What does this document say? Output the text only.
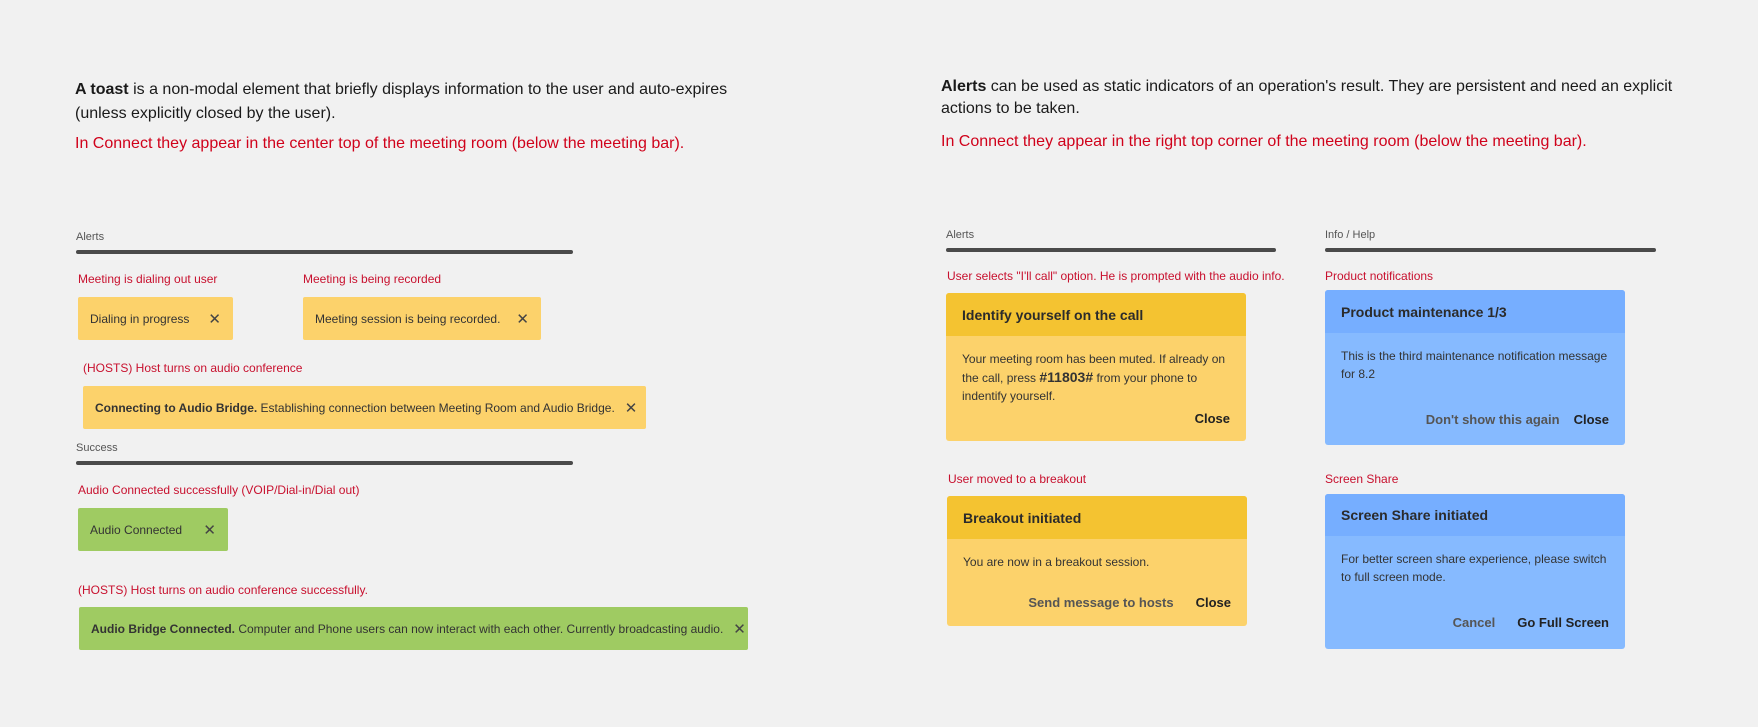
A toast is a non-modal element that briefly displays information to the user and auto-expires (unless explicitly closed by the user).
In Connect they appear in the center top of the meeting room (below the meeting bar).
Alerts can be used as static indicators of an operation's result. They are persistent and need an explicit actions to be taken.
In Connect they appear in the right top corner of the meeting room (below the meeting bar).
Alerts
Meeting is dialing out user
Dialing in progress	✕
Meeting is being recorded
Meeting session is being recorded.	✕
(HOSTS) Host turns on audio conference
Connecting to Audio Bridge. Establishing connection between Meeting Room and Audio Bridge. ✕
Success
Audio Connected successfully (VOIP/Dial-in/Dial out)
Audio Connected	✕
(HOSTS) Host turns on audio conference successfully.
Audio Bridge Connected. Computer and Phone users can now interact with each other. Currently broadcasting audio. ✕
Alerts	Info / Help
User selects "I'll call" option. He is prompted with the audio info.
Identify yourself on the call
Your meeting room has been muted. If already on the call, press #11803# from your phone to indentify yourself.
Close
User moved to a breakout
Breakout initiated
You are now in a breakout session.
Send message to hosts Close
Product notifications
Product maintenance 1/3
This is the third maintenance notification message for 8.2
Don't show this again Close
Screen Share
Screen Share initiated
For better screen share experience, please switch to full screen mode.
Cancel Go Full Screen
